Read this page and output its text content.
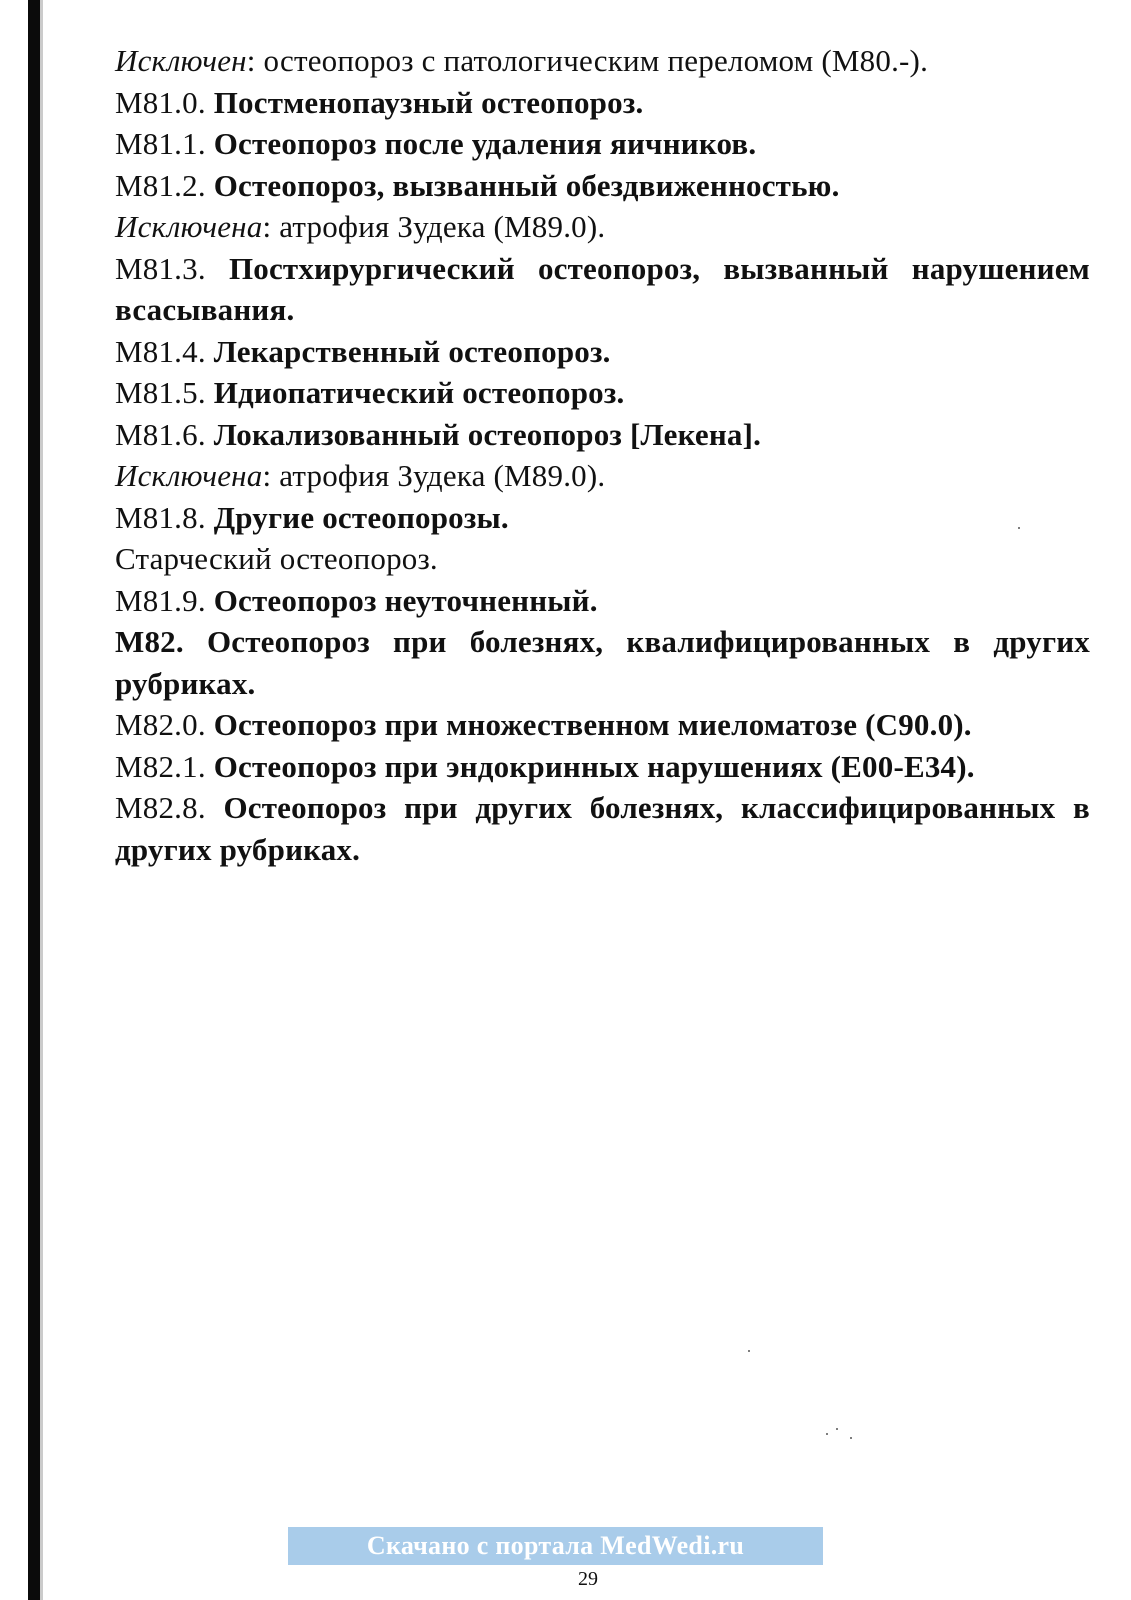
Исключен: остеопороз с патологическим переломом (M80.-).
M81.0. Постменопаузный остеопороз.
M81.1. Остеопороз после удаления яичников.
M81.2. Остеопороз, вызванный обездвиженностью.
Исключена: атрофия Зудека (M89.0).
M81.3. Постхирургический остеопороз, вызванный нарушением всасывания.
M81.4. Лекарственный остеопороз.
M81.5. Идиопатический остеопороз.
M81.6. Локализованный остеопороз [Лекена].
Исключена: атрофия Зудека (M89.0).
M81.8. Другие остеопорозы.
Старческий остеопороз.
M81.9. Остеопороз неуточненный.
M82. Остеопороз при болезнях, квалифицированных в других рубриках.
M82.0. Остеопороз при множественном миеломатозе (C90.0).
M82.1. Остеопороз при эндокринных нарушениях (E00-E34).
M82.8. Остеопороз при других болезнях, классифицированных в других рубриках.
Скачано с портала MedWedi.ru
29
